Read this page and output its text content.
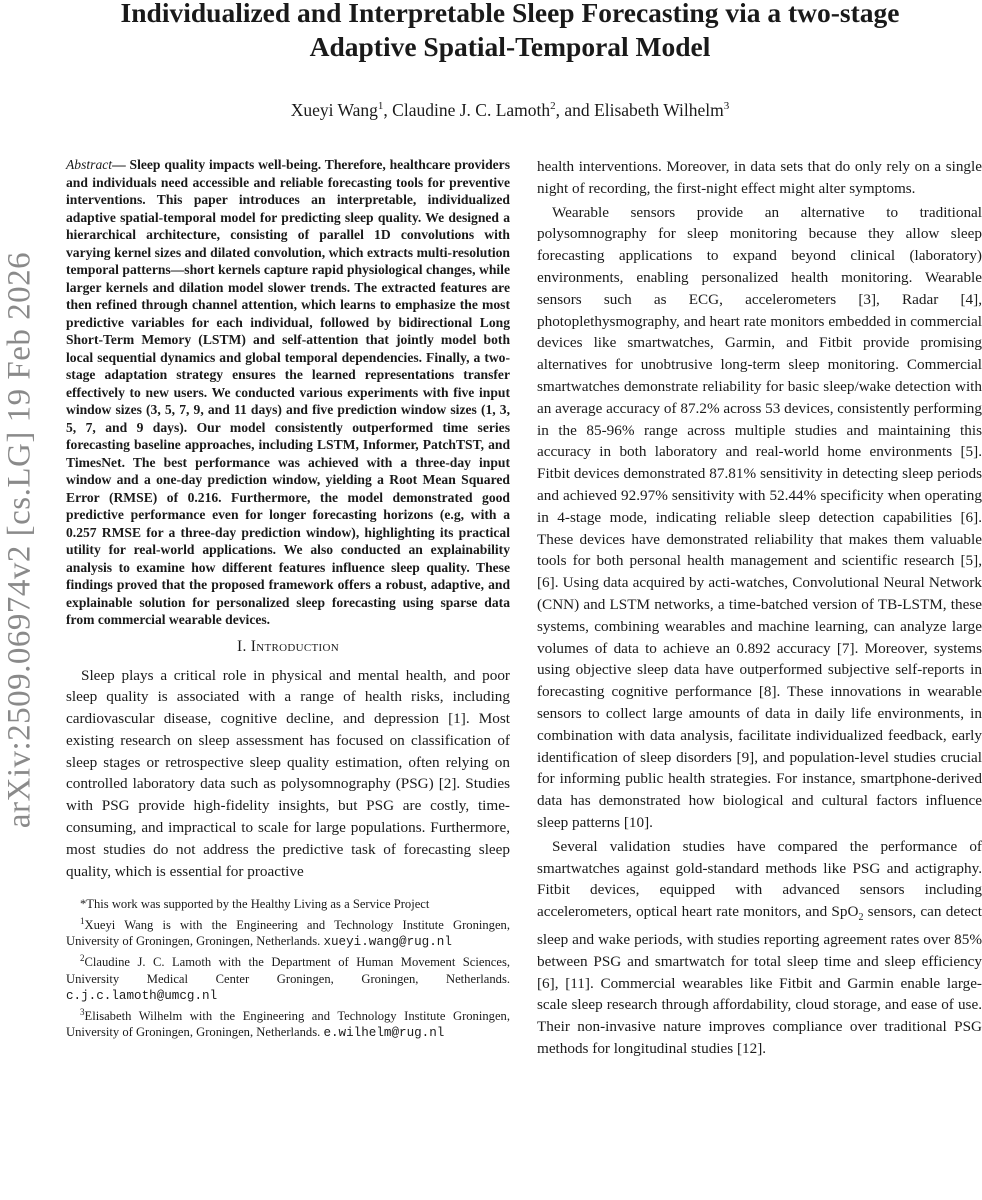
arXiv:2509.06974v2 [cs.LG] 19 Feb 2026
Individualized and Interpretable Sleep Forecasting via a two-stage
Adaptive Spatial-Temporal Model
Xueyi Wang$^1$, Claudine J. C. Lamoth$^2$, and Elisabeth Wilhelm$^3$

Abstract— Sleep quality impacts well-being. Therefore, healthcare providers and individuals need accessible and reliable forecasting tools for preventive interventions. This paper introduces an interpretable, individualized adaptive spatial-temporal model for predicting sleep quality. We designed a hierarchical architecture, consisting of parallel 1D convolutions with varying kernel sizes and dilated convolution, which extracts multi-resolution temporal patterns—short kernels capture rapid physiological changes, while larger kernels and dilation model slower trends. The extracted features are then refined through channel attention, which learns to emphasize the most predictive variables for each individual, followed by bidirectional Long Short-Term Memory (LSTM) and self-attention that jointly model both local sequential dynamics and global temporal dependencies. Finally, a two-stage adaptation strategy ensures the learned representations transfer effectively to new users. We conducted various experiments with five input window sizes (3, 5, 7, 9, and 11 days) and five prediction window sizes (1, 3, 5, 7, and 9 days). Our model consistently outperformed time series forecasting baseline approaches, including LSTM, Informer, PatchTST, and TimesNet. The best performance was achieved with a three-day input window and a one-day prediction window, yielding a Root Mean Squared Error (RMSE) of 0.216. Furthermore, the model demonstrated good predictive performance even for longer forecasting horizons (e.g, with a 0.257 RMSE for a three-day prediction window), highlighting its practical utility for real-world applications. We also conducted an explainability analysis to examine how different features influence sleep quality. These findings proved that the proposed framework offers a robust, adaptive, and explainable solution for personalized sleep forecasting using sparse data from commercial wearable devices.

I. Introduction

Sleep plays a critical role in physical and mental health, and poor sleep quality is associated with a range of health risks, including cardiovascular disease, cognitive decline, and depression [1]. Most existing research on sleep assessment has focused on classification of sleep stages or retrospective sleep quality estimation, often relying on controlled laboratory data such as polysomnography (PSG) [2]. Studies with PSG provide high-fidelity insights, but PSG are costly, time-consuming, and impractical to scale for large populations. Furthermore, most studies do not address the predictive task of forecasting sleep quality, which is essential for proactive

*This work was supported by the Healthy Living as a Service Project

$^1$Xueyi Wang is with the Engineering and Technology Institute Groningen, University of Groningen, Groningen, Netherlands. xueyi.wang@rug.nl

$^2$Claudine J. C. Lamoth with the Department of Human Movement Sciences, University Medical Center Groningen, Groningen, Netherlands. c.j.c.lamoth@umcg.nl

$^3$Elisabeth Wilhelm with the Engineering and Technology Institute Groningen, University of Groningen, Groningen, Netherlands. e.wilhelm@rug.nl

health interventions. Moreover, in data sets that do only rely on a single night of recording, the first-night effect might alter symptoms.

Wearable sensors provide an alternative to traditional polysomnography for sleep monitoring because they allow sleep forecasting applications to expand beyond clinical (laboratory) environments, enabling personalized health monitoring. Wearable sensors such as ECG, accelerometers [3], Radar [4], photoplethysmography, and heart rate monitors embedded in commercial devices like smartwatches, Garmin, and Fitbit provide promising alternatives for unobtrusive long-term sleep monitoring. Commercial smartwatches demonstrate reliability for basic sleep/wake detection with an average accuracy of 87.2% across 53 devices, consistently performing in the 85-96% range across multiple studies and maintaining this accuracy in both laboratory and real-world home environments [5]. Fitbit devices demonstrated 87.81% sensitivity in detecting sleep periods and achieved 92.97% sensitivity with 52.44% specificity when operating in 4-stage mode, indicating reliable sleep detection capabilities [6]. These devices have demonstrated reliability that makes them valuable tools for both personal health management and scientific research [5], [6]. Using data acquired by acti-watches, Convolutional Neural Network (CNN) and LSTM networks, a time-batched version of TB-LSTM, these systems, combining wearables and machine learning, can analyze large volumes of data to achieve an 0.892 accuracy [7]. Moreover, systems using objective sleep data have outperformed subjective self-reports in forecasting cognitive performance [8]. These innovations in wearable sensors to collect large amounts of data in daily life environments, in combination with data analysis, facilitate individualized feedback, early identification of sleep disorders [9], and population-level studies crucial for informing public health strategies. For instance, smartphone-derived data has demonstrated how biological and cultural factors influence sleep patterns [10].

Several validation studies have compared the performance of smartwatches against gold-standard methods like PSG and actigraphy. Fitbit devices, equipped with advanced sensors including accelerometers, optical heart rate monitors, and SpO$_2$ sensors, can detect sleep and wake periods, with studies reporting agreement rates over 85% between PSG and smartwatch for total sleep time and sleep efficiency [6], [11]. Commercial wearables like Fitbit and Garmin enable large-scale sleep research through affordability, cloud storage, and ease of use. Their non-invasive nature improves compliance over traditional PSG methods for longitudinal studies [12].
